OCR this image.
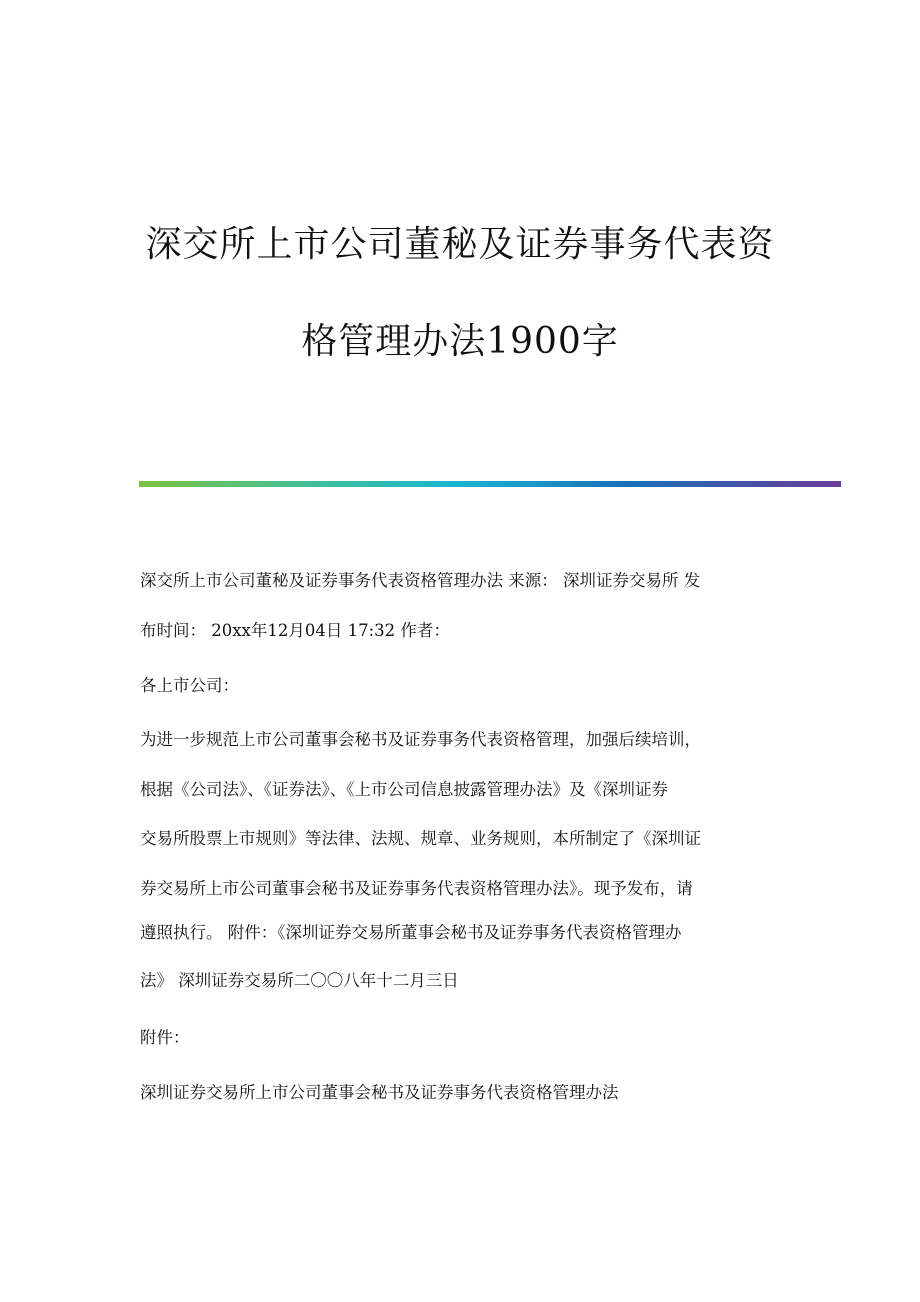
深交所上市公司董秘及证券事务代表资
格管理办法1900字

深交所上市公司董秘及证券事务代表资格管理办法 来源： 深圳证券交易所 发

布时间： 20xx年12月04日 17:32 作者：

各上市公司：

为进一步规范上市公司董事会秘书及证券事务代表资格管理，加强后续培训，

根据《公司法》、《证券法》、《上市公司信息披露管理办法》及《深圳证券

交易所股票上市规则》等法律、法规、规章、业务规则，本所制定了《深圳证

券交易所上市公司董事会秘书及证券事务代表资格管理办法》。现予发布，请

遵照执行。 附件：《深圳证券交易所董事会秘书及证券事务代表资格管理办

法》 深圳证券交易所二〇〇八年十二月三日

附件：

深圳证券交易所上市公司董事会秘书及证券事务代表资格管理办法
